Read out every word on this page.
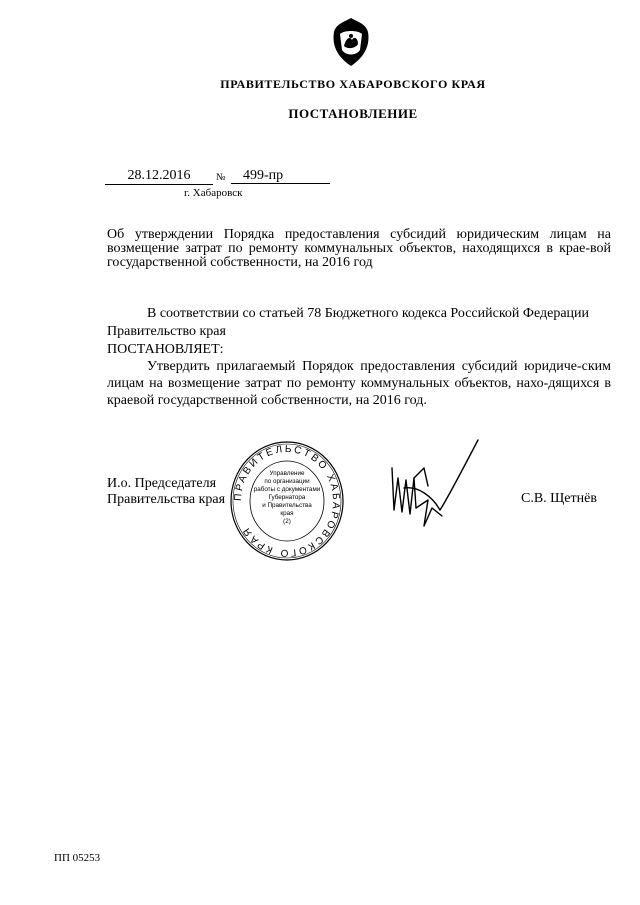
ПРАВИТЕЛЬСТВО ХАБАРОВСКОГО КРАЯ
ПОСТАНОВЛЕНИЕ
28.12.2016	№	499-пр
г. Хабаровск
Об утверждении Порядка предоставления субсидий юридическим лицам на возмещение затрат по ремонту коммунальных объектов, находящихся в крае-вой государственной собственности, на 2016 год
В соответствии со статьей 78 Бюджетного кодекса Российской Федерации
Правительство края
ПОСТАНОВЛЯЕТ:
Утвердить прилагаемый Порядок предоставления субсидий юридиче-ским лицам на возмещение затрат по ремонту коммунальных объектов, нахо-дящихся в краевой государственной собственности, на 2016 год.
И.о. Председателя
Правительства края ПРАВИТЕЛЬСТВО ХАБАРОВСКОГО КРАЯ
Управление
по организации
работы с документами
Губернатора
и Правительства
края
(2)
С.В. Щетнёв
ПП 05253
